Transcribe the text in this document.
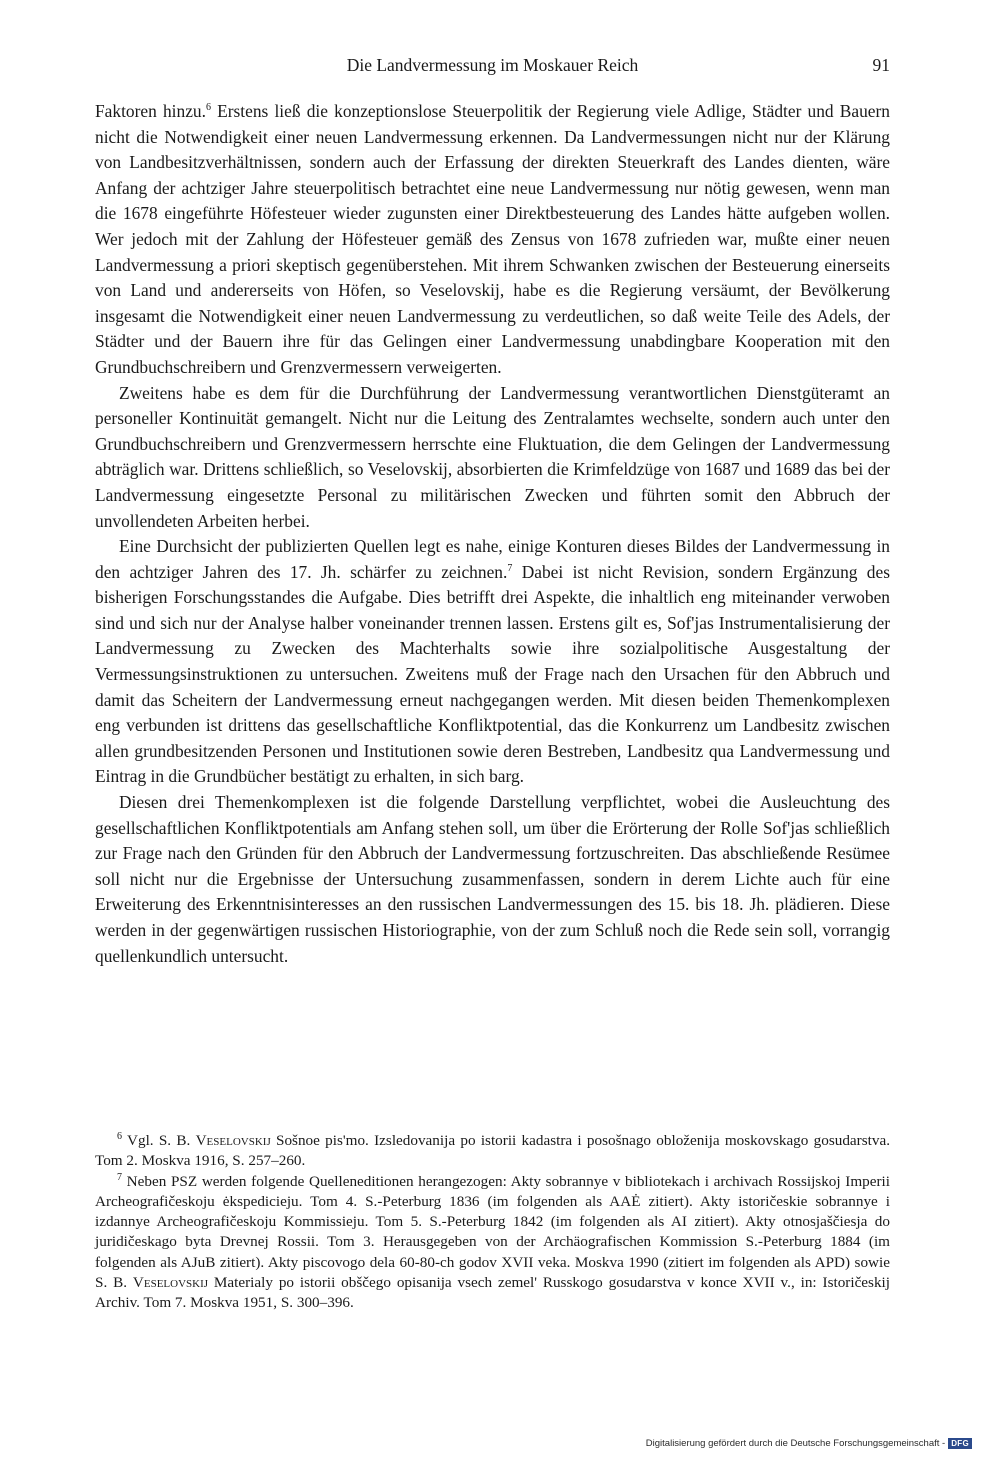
Die Landvermessung im Moskauer Reich	91

Faktoren hinzu.$^6$ Erstens ließ die konzeptionslose Steuerpolitik der Regierung viele Adlige, Städter und Bauern nicht die Notwendigkeit einer neuen Landvermessung erkennen. Da Landvermessungen nicht nur der Klärung von Landbesitzverhältnissen, sondern auch der Erfassung der direkten Steuerkraft des Landes dienten, wäre Anfang der achtziger Jahre steuerpolitisch betrachtet eine neue Landvermessung nur nötig gewesen, wenn man die 1678 eingeführte Höfesteuer wieder zugunsten einer Direktbesteuerung des Landes hätte aufgeben wollen. Wer jedoch mit der Zahlung der Höfesteuer gemäß des Zensus von 1678 zufrieden war, mußte einer neuen Landvermessung a priori skeptisch gegenüberstehen. Mit ihrem Schwanken zwischen der Besteuerung einerseits von Land und andererseits von Höfen, so Veselovskij, habe es die Regierung versäumt, der Bevölkerung insgesamt die Notwendigkeit einer neuen Landvermessung zu verdeutlichen, so daß weite Teile des Adels, der Städter und der Bauern ihre für das Gelingen einer Landvermessung unabdingbare Kooperation mit den Grundbuchschreibern und Grenzvermessern verweigerten.

Zweitens habe es dem für die Durchführung der Landvermessung verantwortlichen Dienstgüteramt an personeller Kontinuität gemangelt. Nicht nur die Leitung des Zentralamtes wechselte, sondern auch unter den Grundbuchschreibern und Grenzvermessern herrschte eine Fluktuation, die dem Gelingen der Landvermessung abträglich war. Drittens schließlich, so Veselovskij, absorbierten die Krimfeldzüge von 1687 und 1689 das bei der Landvermessung eingesetzte Personal zu militärischen Zwecken und führten somit den Abbruch der unvollendeten Arbeiten herbei.

Eine Durchsicht der publizierten Quellen legt es nahe, einige Konturen dieses Bildes der Landvermessung in den achtziger Jahren des 17. Jh. schärfer zu zeichnen.$^7$ Dabei ist nicht Revision, sondern Ergänzung des bisherigen Forschungsstandes die Aufgabe. Dies betrifft drei Aspekte, die inhaltlich eng miteinander verwoben sind und sich nur der Analyse halber voneinander trennen lassen. Erstens gilt es, Sof'jas Instrumentalisierung der Landvermessung zu Zwecken des Machterhalts sowie ihre sozialpolitische Ausgestaltung der Vermessungsinstruktionen zu untersuchen. Zweitens muß der Frage nach den Ursachen für den Abbruch und damit das Scheitern der Landvermessung erneut nachgegangen werden. Mit diesen beiden Themenkomplexen eng verbunden ist drittens das gesellschaftliche Konfliktpotential, das die Konkurrenz um Landbesitz zwischen allen grundbesitzenden Personen und Institutionen sowie deren Bestreben, Landbesitz qua Landvermessung und Eintrag in die Grundbücher bestätigt zu erhalten, in sich barg.

Diesen drei Themenkomplexen ist die folgende Darstellung verpflichtet, wobei die Ausleuchtung des gesellschaftlichen Konfliktpotentials am Anfang stehen soll, um über die Erörterung der Rolle Sof'jas schließlich zur Frage nach den Gründen für den Abbruch der Landvermessung fortzuschreiten. Das abschließende Resümee soll nicht nur die Ergebnisse der Untersuchung zusammenfassen, sondern in derem Lichte auch für eine Erweiterung des Erkenntnisinteresses an den russischen Landvermessungen des 15. bis 18. Jh. plädieren. Diese werden in der gegenwärtigen russischen Historiographie, von der zum Schluß noch die Rede sein soll, vorrangig quellenkundlich untersucht.

$^6$ Vgl. S. B. Veselovskij Sošnoe pis'mo. Izsledovanija po istorii kadastra i posošnago obloženija moskovskago gosudarstva. Tom 2. Moskva 1916, S. 257–260.

$^7$ Neben PSZ werden folgende Quelleneditionen herangezogen: Akty sobrannye v bibliotekach i archivach Rossijskoj Imperii Archeografičeskoju ėkspedicieju. Tom 4. S.-Peterburg 1836 (im folgenden als AAĖ zitiert). Akty istoričeskie sobrannye i izdannye Archeografičeskoju Kommissieju. Tom 5. S.-Peterburg 1842 (im folgenden als AI zitiert). Akty otnosjaščiesja do juridičeskago byta Drevnej Rossii. Tom 3. Herausgegeben von der Archäografischen Kommission S.-Peterburg 1884 (im folgenden als AJuB zitiert). Akty piscovogo dela 60-80-ch godov XVII veka. Moskva 1990 (zitiert im folgenden als APD) sowie S. B. Veselovskij Materialy po istorii obščego opisanija vsech zemel' Russkogo gosudarstva v konce XVII v., in: Istoričeskij Archiv. Tom 7. Moskva 1951, S. 300–396.

Digitalisierung gefördert durch die Deutsche Forschungsgemeinschaft - DFG
